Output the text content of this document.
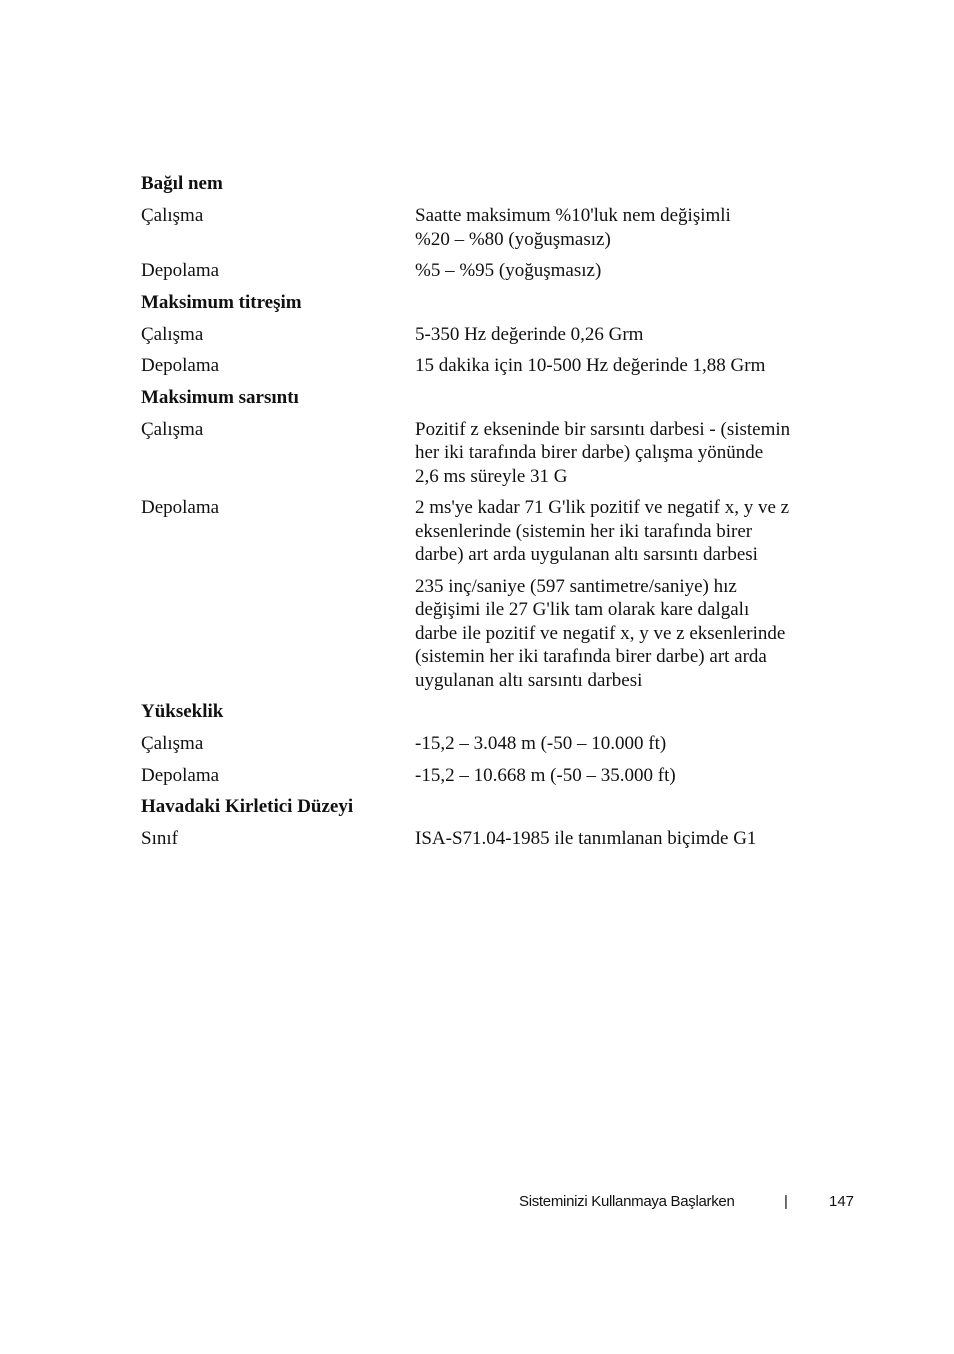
Bağıl nem
Çalışma	Saatte maksimum %10'luk nem değişimli
%20 – %80 (yoğuşmasız)

Depolama	%5 – %95 (yoğuşmasız)

Maksimum titreşim
Çalışma	5-350 Hz değerinde 0,26 Grm

Depolama	15 dakika için 10-500 Hz değerinde 1,88 Grm

Maksimum sarsıntı
Çalışma	Pozitif z ekseninde bir sarsıntı darbesi - (sistemin
her iki tarafında birer darbe) çalışma yönünde
2,6 ms süreyle 31 G

Depolama	2 ms'ye kadar 71 G'lik pozitif ve negatif x, y ve z
eksenlerinde (sistemin her iki tarafında birer
darbe) art arda uygulanan altı sarsıntı darbesi

235 inç/saniye (597 santimetre/saniye) hız
değişimi ile 27 G'lik tam olarak kare dalgalı
darbe ile pozitif ve negatif x, y ve z eksenlerinde
(sistemin her iki tarafında birer darbe) art arda
uygulanan altı sarsıntı darbesi

Yükseklik
Çalışma	-15,2 – 3.048 m (-50 – 10.000 ft)

Depolama	-15,2 – 10.668 m (-50 – 35.000 ft)

Havadaki Kirletici Düzeyi
Sınıf	ISA-S71.04-1985 ile tanımlanan biçimde G1

Sisteminizi Kullanmaya Başlarken	|	147
